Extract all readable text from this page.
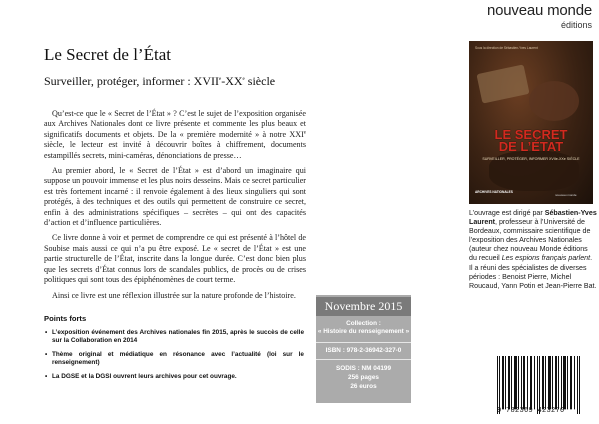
nouveau monde
éditions
Le Secret de l’État
Surveiller, protéger, informer : XVIIe-XXe siècle

Qu’est-ce que le « Secret de l’État » ? C’est le sujet de l’exposition organisée aux Archives Nationales dont ce livre présente et commente les plus beaux et significatifs documents et objets. De la « première modernité » à notre XXIe siècle, le lecteur est invité à découvrir boîtes à chiffrement, documents estampillés secrets, mini-caméras, dénonciations de presse…

Au premier abord, le « Secret de l’État » est d’abord un imaginaire qui suppose un pouvoir immense et les plus noirs desseins. Mais ce secret particulier est très fortement incarné : il renvoie également à des lieux singuliers qui sont protégés, à des techniques et des outils qui permettent de construire ce secret, enfin à des administrations spécifiques – secrètes – qui ont des capacités d’action et d’influence particulières.

Ce livre donne à voir et permet de comprendre ce qui est présenté à l’hôtel de Soubise mais aussi ce qui n’a pu être exposé. Le « secret de l’État » est une partie structurelle de l’État, inscrite dans la longue durée. C’est donc bien plus que les secrets d’État connus lors de scandales publics, de procès ou de crises politiques qui sont tous des épiphénomènes de court terme.

Ainsi ce livre est une réflexion illustrée sur la nature profonde de l’histoire.

Sous la direction de Sébastien-Yves Laurent
LE SECRET
DE L’ÉTAT
SURVEILLER, PROTÉGER, INFORMER XVIIe-XXe SIÈCLE
ARCHIVES NATIONALES
nouveau monde
L’ouvrage est dirigé par Sébastien-Yves Laurent, professeur à l’Université de Bordeaux, commissaire scientifique de l’exposition des Archives Nationales (auteur chez nouveau Monde éditions du recueil Les espions français parlent. Il a réuni des spécialistes de diverses périodes : Benoist Pierre, Michel Roucaud, Yann Potin et Jean-Pierre Bat.
9 782369 423270
Novembre 2015
Collection :
« Histoire du renseignement »
ISBN : 978-2-36942-327-0
SODIS : NM 04199
256 pages
26 euros
Points forts
• L’exposition événement des Archives nationales fin 2015, après le succès de celle sur la Collaboration en 2014
• Thème original et médiatique en résonance avec l’actualité (loi sur le renseignement)
• La DGSE et la DGSI ouvrent leurs archives pour cet ouvrage.
